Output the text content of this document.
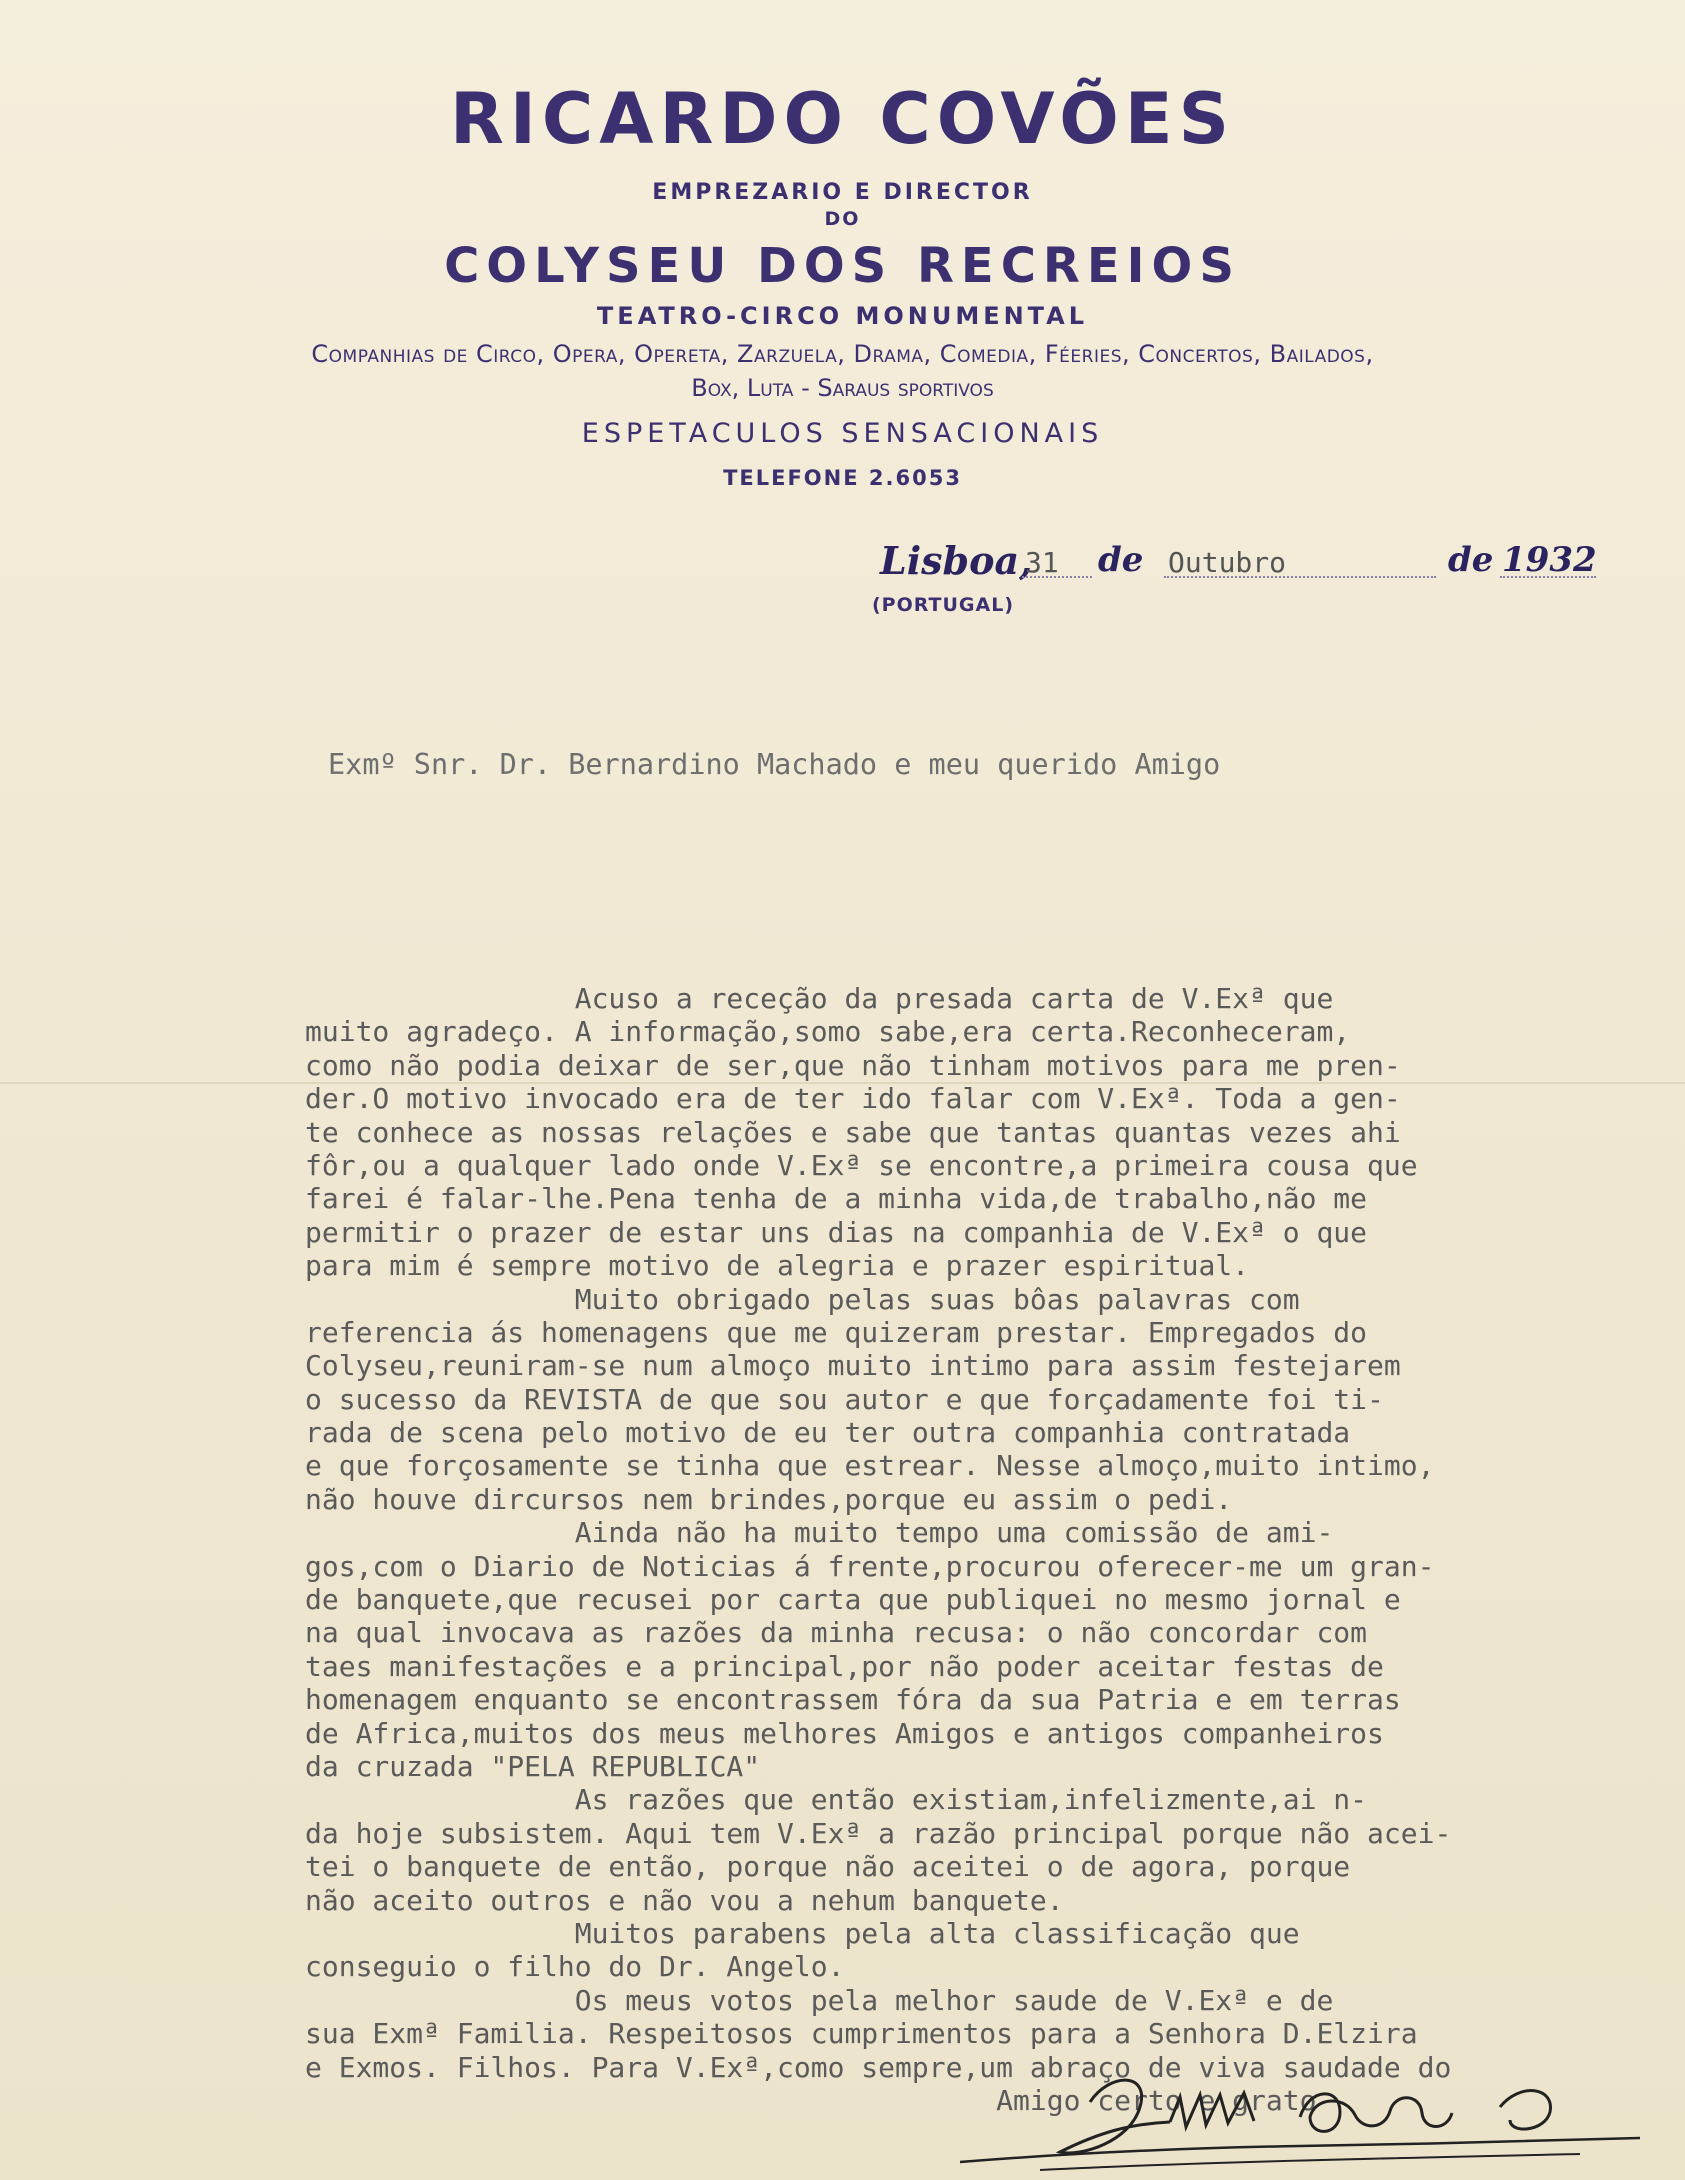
RICARDO COVÕES
EMPREZARIO E DIRECTOR
DO
COLYSEU DOS RECREIOS
TEATRO-CIRCO MONUMENTAL
Companhias de Circo, Opera, Opereta, Zarzuela, Drama, Comedia, Féeries, Concertos, Bailados,
Box, Luta - Saraus sportivos
ESPETACULOS SENSACIONAIS
TELEFONE 2.6053
Lisboa,
31 de Outubro	de 1932
(PORTUGAL)
Exmº Snr. Dr. Bernardino Machado e meu querido Amigo
Acuso a receção da presada carta de V.Exª que
muito agradeço. A informação,somo sabe,era certa.Reconheceram,
como não podia deixar de ser,que não tinham motivos para me pren-
der.O motivo invocado era de ter ido falar com V.Exª. Toda a gen-
te conhece as nossas relações e sabe que tantas quantas vezes ahi
fôr,ou a qualquer lado onde V.Exª se encontre,a primeira cousa que
farei é falar-lhe.Pena tenha de a minha vida,de trabalho,não me
permitir o prazer de estar uns dias na companhia de V.Exª o que
para mim é sempre motivo de alegria e prazer espiritual.
Muito obrigado pelas suas bôas palavras com
referencia ás homenagens que me quizeram prestar. Empregados do
Colyseu,reuniram-se num almoço muito intimo para assim festejarem
o sucesso da REVISTA de que sou autor e que forçadamente foi ti-
rada de scena pelo motivo de eu ter outra companhia contratada
e que forçosamente se tinha que estrear. Nesse almoço,muito intimo,
não houve dircursos nem brindes,porque eu assim o pedi.
Ainda não ha muito tempo uma comissão de ami-
gos,com o Diario de Noticias á frente,procurou oferecer-me um gran-
de banquete,que recusei por carta que publiquei no mesmo jornal e
na qual invocava as razões da minha recusa: o não concordar com
taes manifestações e a principal,por não poder aceitar festas de
homenagem enquanto se encontrassem fóra da sua Patria e em terras
de Africa,muitos dos meus melhores Amigos e antigos companheiros
da cruzada "PELA REPUBLICA"
As razões que então existiam,infelizmente,ai n-
da hoje subsistem. Aqui tem V.Exª a razão principal porque não acei-
tei o banquete de então, porque não aceitei o de agora, porque
não aceito outros e não vou a nehum banquete.
Muitos parabens pela alta classificação que
conseguio o filho do Dr. Angelo.
Os meus votos pela melhor saude de V.Exª e de
sua Exmª Familia. Respeitosos cumprimentos para a Senhora D.Elzira
e Exmos. Filhos. Para V.Exª,como sempre,um abraço de viva saudade do
Amigo certo e grato
